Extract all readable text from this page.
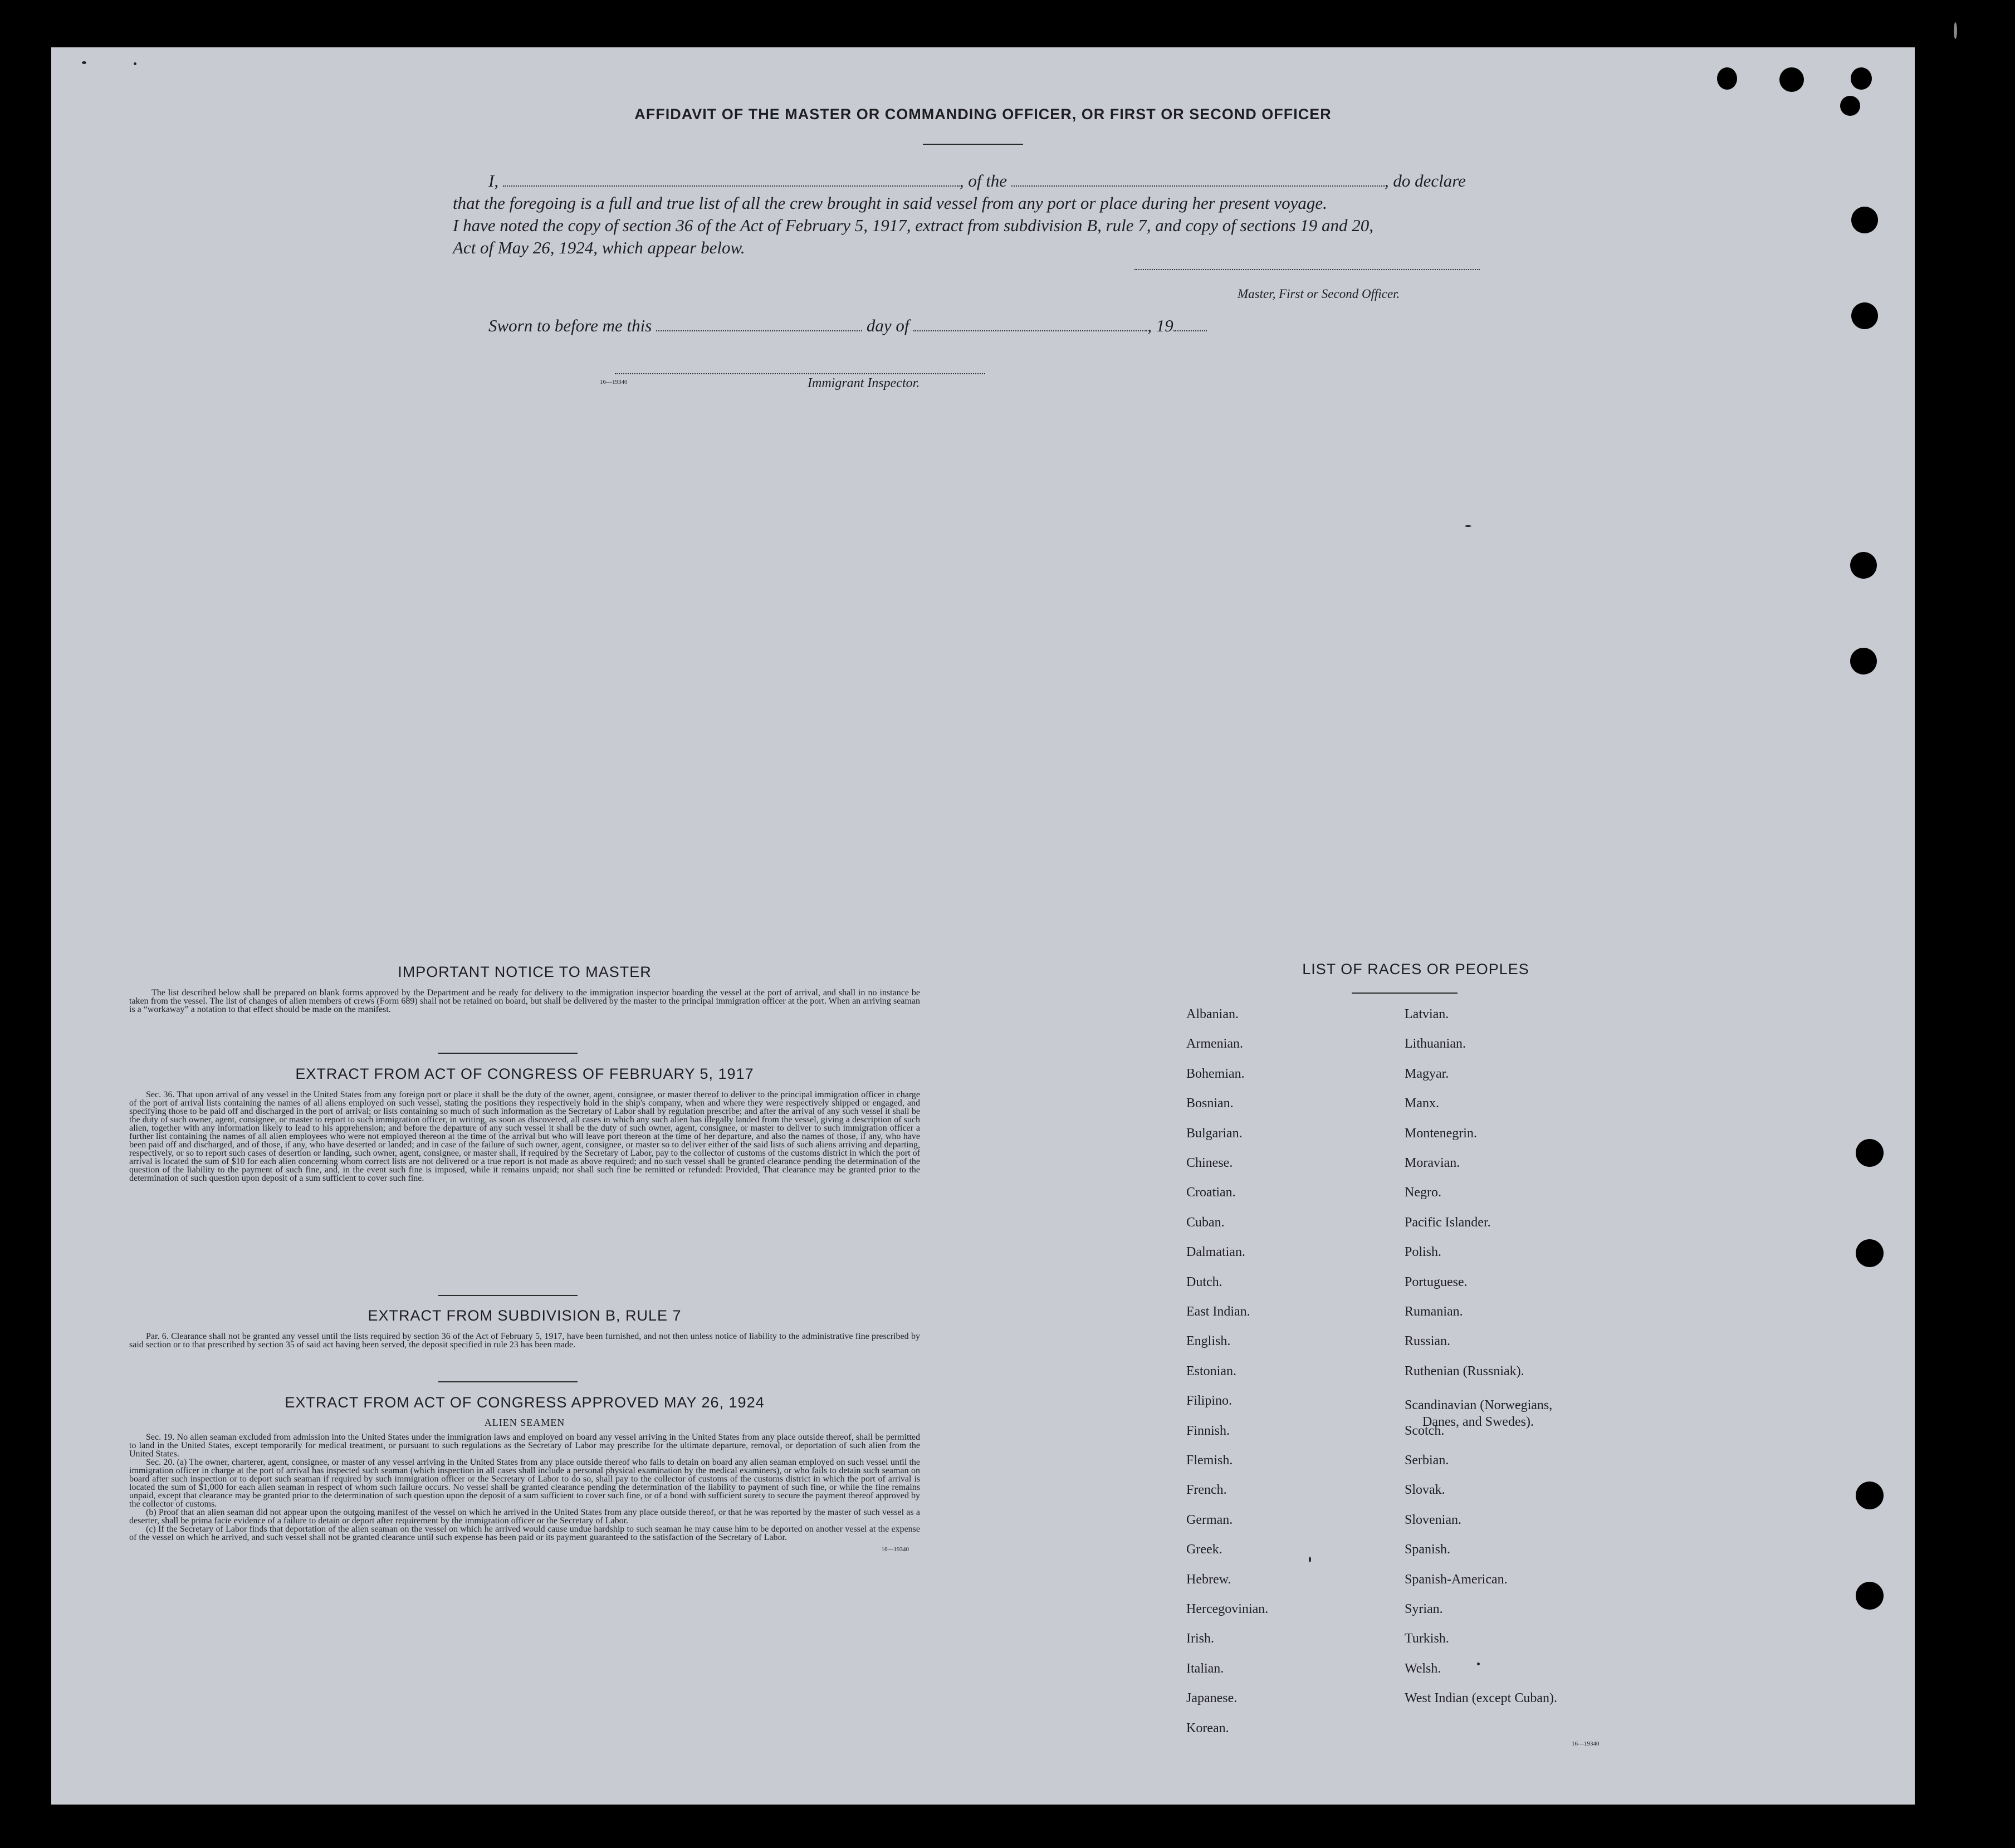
AFFIDAVIT OF THE MASTER OR COMMANDING OFFICER, OR FIRST OR SECOND OFFICER
I,	, of the	, do declare
that the foregoing is a full and true list of all the crew brought in said vessel from any port or place during her present voyage.
I have noted the copy of section 36 of the Act of February 5, 1917, extract from subdivision B, rule 7, and copy of sections 19 and 20,
Act of May 26, 1924, which appear below.
Master, First or Second Officer.
Sworn to before me this	day of	, 19
16—19340	Immigrant Inspector.
IMPORTANT NOTICE TO MASTER
The list described below shall be prepared on blank forms approved by the Department and be ready for delivery to the immigration inspector boarding the vessel at the port of arrival, and shall in no instance be taken from the vessel. The list of changes of alien members of crews (Form 689) shall not be retained on board, but shall be delivered by the master to the principal immigration officer at the port. When an arriving seaman is a “workaway” a notation to that effect should be made on the manifest.
EXTRACT FROM ACT OF CONGRESS OF FEBRUARY 5, 1917
Sec. 36. That upon arrival of any vessel in the United States from any foreign port or place it shall be the duty of the owner, agent, consignee, or master thereof to deliver to the principal immigration officer in charge of the port of arrival lists containing the names of all aliens employed on such vessel, stating the positions they respectively hold in the ship's company, when and where they were respectively shipped or engaged, and specifying those to be paid off and discharged in the port of arrival; or lists containing so much of such information as the Secretary of Labor shall by regulation prescribe; and after the arrival of any such vessel it shall be the duty of such owner, agent, consignee, or master to report to such immigration officer, in writing, as soon as discovered, all cases in which any such alien has illegally landed from the vessel, giving a description of such alien, together with any information likely to lead to his apprehension; and before the departure of any such vessel it shall be the duty of such owner, agent, consignee, or master to deliver to such immigration officer a further list containing the names of all alien employees who were not employed thereon at the time of the arrival but who will leave port thereon at the time of her departure, and also the names of those, if any, who have been paid off and discharged, and of those, if any, who have deserted or landed; and in case of the failure of such owner, agent, consignee, or master so to deliver either of the said lists of such aliens arriving and departing, respectively, or so to report such cases of desertion or landing, such owner, agent, consignee, or master shall, if required by the Secretary of Labor, pay to the collector of customs of the customs district in which the port of arrival is located the sum of $10 for each alien concerning whom correct lists are not delivered or a true report is not made as above required; and no such vessel shall be granted clearance pending the determination of the question of the liability to the payment of such fine, and, in the event such fine is imposed, while it remains unpaid; nor shall such fine be remitted or refunded: Provided, That clearance may be granted prior to the determination of such question upon deposit of a sum sufficient to cover such fine.
EXTRACT FROM SUBDIVISION B, RULE 7
Par. 6. Clearance shall not be granted any vessel until the lists required by section 36 of the Act of February 5, 1917, have been furnished, and not then unless notice of liability to the administrative fine prescribed by said section or to that prescribed by section 35 of said act having been served, the deposit specified in rule 23 has been made.
EXTRACT FROM ACT OF CONGRESS APPROVED MAY 26, 1924
ALIEN SEAMEN
Sec. 19. No alien seaman excluded from admission into the United States under the immigration laws and employed on board any vessel arriving in the United States from any place outside thereof, shall be permitted to land in the United States, except temporarily for medical treatment, or pursuant to such regulations as the Secretary of Labor may prescribe for the ultimate departure, removal, or deportation of such alien from the United States.
Sec. 20. (a) The owner, charterer, agent, consignee, or master of any vessel arriving in the United States from any place outside thereof who fails to detain on board any alien seaman employed on such vessel until the immigration officer in charge at the port of arrival has inspected such seaman (which inspection in all cases shall include a personal physical examination by the medical examiners), or who fails to detain such seaman on board after such inspection or to deport such seaman if required by such immigration officer or the Secretary of Labor to do so, shall pay to the collector of customs of the customs district in which the port of arrival is located the sum of $1,000 for each alien seaman in respect of whom such failure occurs. No vessel shall be granted clearance pending the determination of the liability to payment of such fine, or while the fine remains unpaid, except that clearance may be granted prior to the determination of such question upon the deposit of a sum sufficient to cover such fine, or of a bond with sufficient surety to secure the payment thereof approved by the collector of customs.
(b) Proof that an alien seaman did not appear upon the outgoing manifest of the vessel on which he arrived in the United States from any place outside thereof, or that he was reported by the master of such vessel as a deserter, shall be prima facie evidence of a failure to detain or deport after requirement by the immigration officer or the Secretary of Labor.
(c) If the Secretary of Labor finds that deportation of the alien seaman on the vessel on which he arrived would cause undue hardship to such seaman he may cause him to be deported on another vessel at the expense of the vessel on which he arrived, and such vessel shall not be granted clearance until such expense has been paid or its payment guaranteed to the satisfaction of the Secretary of Labor.
16—19340
LIST OF RACES OR PEOPLES
16—19340
Albanian.
Armenian.
Bohemian.
Bosnian.
Bulgarian.
Chinese.
Croatian.
Cuban.
Dalmatian.
Dutch.
East Indian.
English.
Estonian.
Filipino.
Finnish.
Flemish.
French.
German.
Greek.
Hebrew.
Hercegovinian.
Irish.
Italian.
Japanese.
Korean.
Latvian.
Lithuanian.
Magyar.
Manx.
Montenegrin.
Moravian.
Negro.
Pacific Islander.
Polish.
Portuguese.
Rumanian.
Russian.
Ruthenian (Russniak).
Scandinavian (Norwegians,
Danes, and Swedes).
Scotch.
Serbian.
Slovak.
Slovenian.
Spanish.
Spanish-American.
Syrian.
Turkish.
Welsh.
West Indian (except Cuban).
